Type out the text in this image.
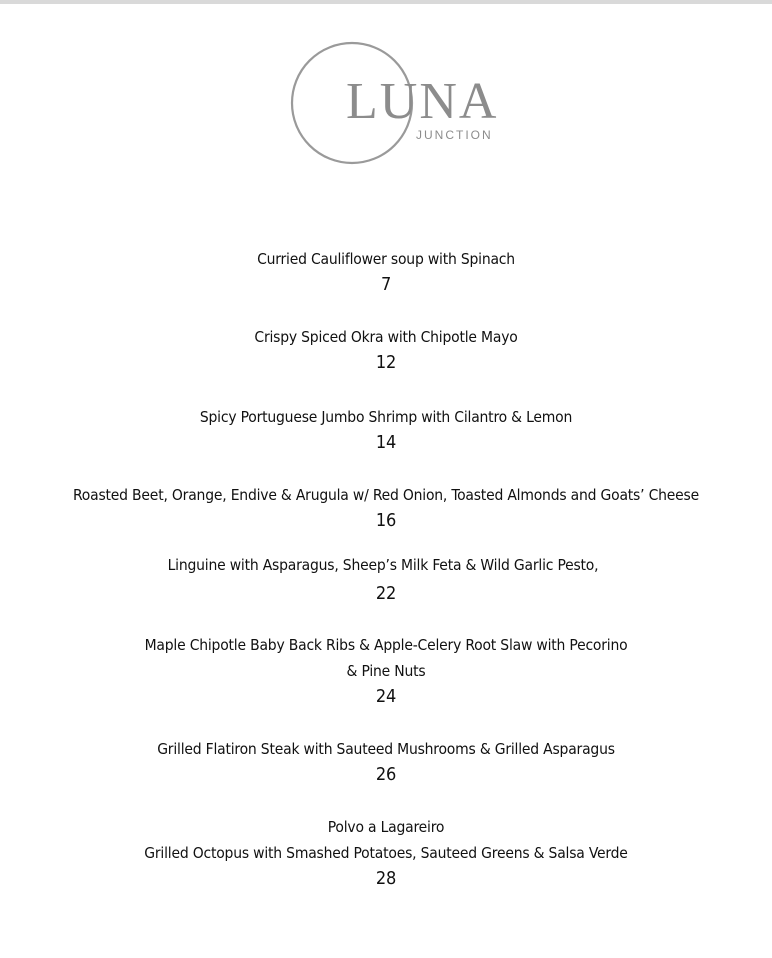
LUNA
JUNCTION
Curried Cauliflower soup with Spinach
7
Crispy Spiced Okra with Chipotle Mayo
12
Spicy Portuguese Jumbo Shrimp with Cilantro & Lemon
14
Roasted Beet, Orange, Endive & Arugula w/ Red Onion, Toasted Almonds and Goats’ Cheese
16
Linguine with Asparagus, Sheep’s Milk Feta & Wild Garlic Pesto,
22
Maple Chipotle Baby Back Ribs & Apple-Celery Root Slaw with Pecorino
& Pine Nuts
24
Grilled Flatiron Steak with Sauteed Mushrooms & Grilled Asparagus
26
Polvo a Lagareiro
Grilled Octopus with Smashed Potatoes, Sauteed Greens & Salsa Verde
28
